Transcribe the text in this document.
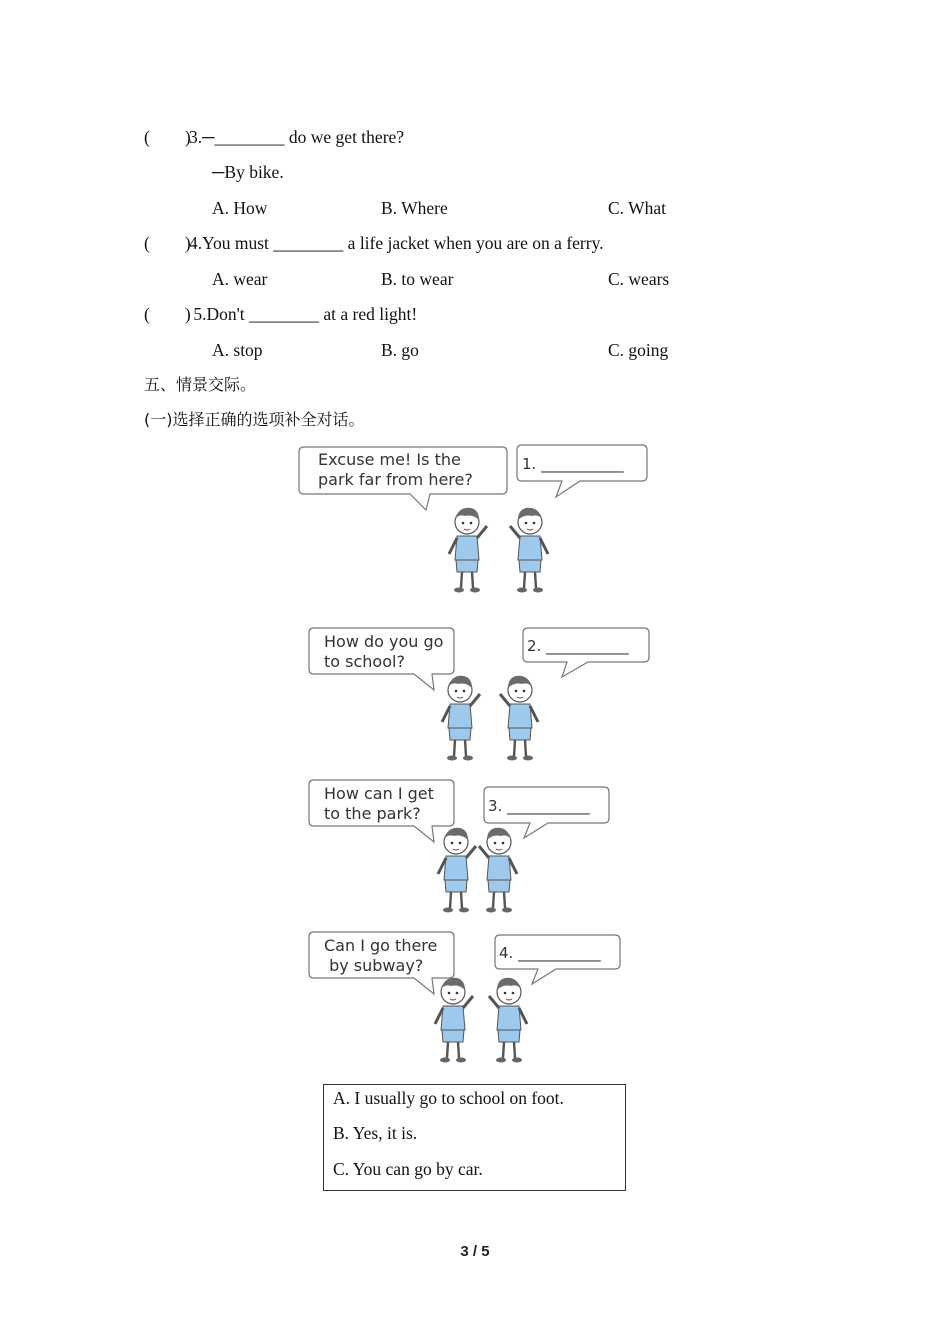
(        )
3.─________ do we get there?
─By bike.
A. How	B. Where	C. What
(        )
4.You must ________ a life jacket when you are on a ferry.
A. wear	B. to wear	C. wears
(        )
5.Don't ________ at a red light!
A. stop	B. go	C. going
五、情景交际。
(一)选择正确的选项补全对话。
Excuse me! Is the
park far from here?
1. ___________
How do you go
to school?
2. ___________
How can I get
to the park?	3. ___________
Can I go there
by subway?
4. ___________
A. I usually go to school on foot.
B. Yes, it is.
C. You can go by car.
3 / 5
